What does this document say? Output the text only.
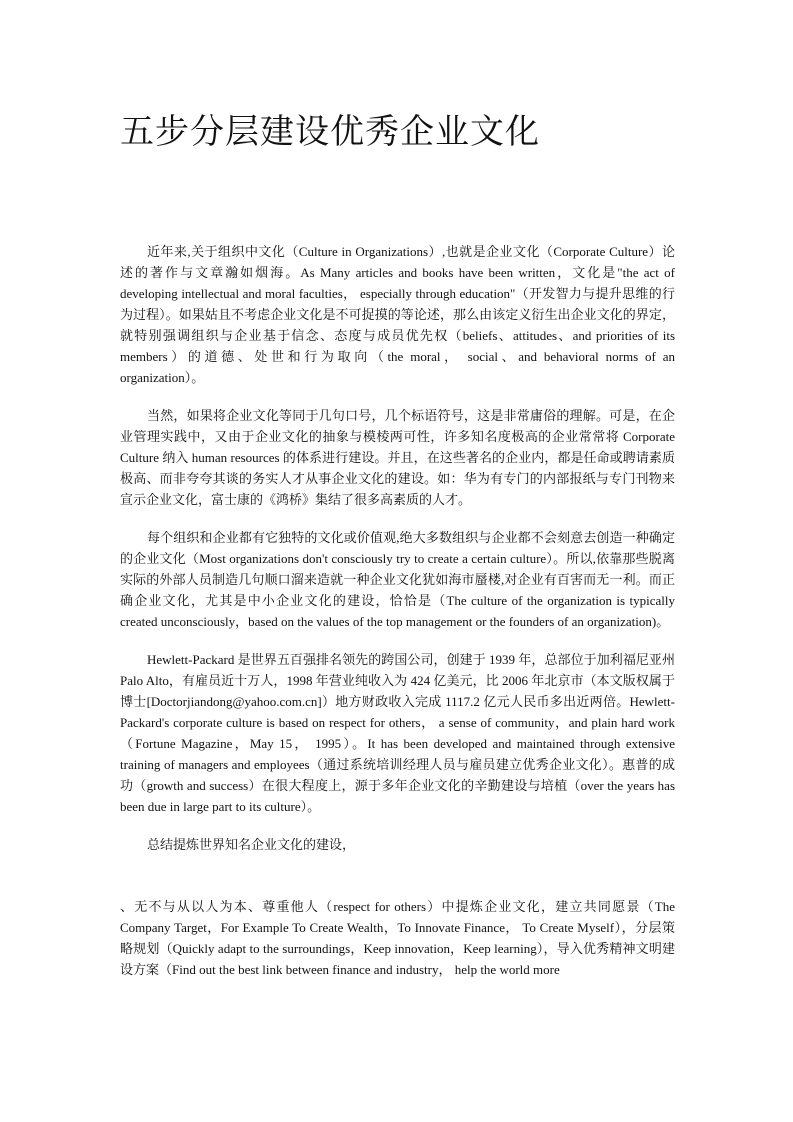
五步分层建设优秀企业文化

近年来,关于组织中文化（Culture in Organizations）,也就是企业文化（Corporate Culture）论述的著作与文章瀚如烟海。As Many articles and books have been written，文化是"the act of developing intellectual and moral faculties， especially through education"（开发智力与提升思维的行为过程）。如果姑且不考虑企业文化是不可捉摸的等论述，那么由该定义衍生出企业文化的界定，就特别强调组织与企业基于信念、态度与成员优先权（beliefs、attitudes、and priorities of its members）的道德、处世和行为取向（the moral， social、and behavioral norms of an organization）。

当然，如果将企业文化等同于几句口号，几个标语符号，这是非常庸俗的理解。可是，在企业管理实践中，又由于企业文化的抽象与模棱两可性，许多知名度极高的企业常常将 Corporate Culture 纳入 human resources 的体系进行建设。并且，在这些著名的企业内，都是任命或聘请素质极高、而非夸夸其谈的务实人才从事企业文化的建设。如：华为有专门的内部报纸与专门刊物来宣示企业文化，富士康的《鸿桥》集结了很多高素质的人才。

每个组织和企业都有它独特的文化或价值观,绝大多数组织与企业都不会刻意去创造一种确定的企业文化（Most organizations don't consciously try to create a certain culture）。所以,依靠那些脱离实际的外部人员制造几句顺口溜来造就一种企业文化犹如海市蜃楼,对企业有百害而无一利。而正确企业文化，尤其是中小企业文化的建设，恰恰是（The culture of the organization is typically created unconsciously，based on the values of the top management or the founders of an organization)。

Hewlett-Packard 是世界五百强排名领先的跨国公司，创建于 1939 年，总部位于加利福尼亚州 Palo Alto，有雇员近十万人，1998 年营业纯收入为 424 亿美元，比 2006 年北京市（本文版权属于博士[Doctorjiandong@yahoo.com.cn]）地方财政收入完成 1117.2 亿元人民币多出近两倍。Hewlett-Packard's corporate culture is based on respect for others， a sense of community，and plain hard work（Fortune Magazine，May 15， 1995）。It has been developed and maintained through extensive training of managers and employees（通过系统培训经理人员与雇员建立优秀企业文化）。惠普的成功（growth and success）在很大程度上，源于多年企业文化的辛勤建设与培植（over the years has been due in large part to its culture）。

总结提炼世界知名企业文化的建设，

、无不与从以人为本、尊重他人（respect for others）中提炼企业文化，建立共同愿景（The Company Target，For Example To Create Wealth，To Innovate Finance， To Create Myself），分层策略规划（Quickly adapt to the surroundings，Keep innovation，Keep learning），导入优秀精神文明建设方案（Find out the best link between finance and industry， help the world more
